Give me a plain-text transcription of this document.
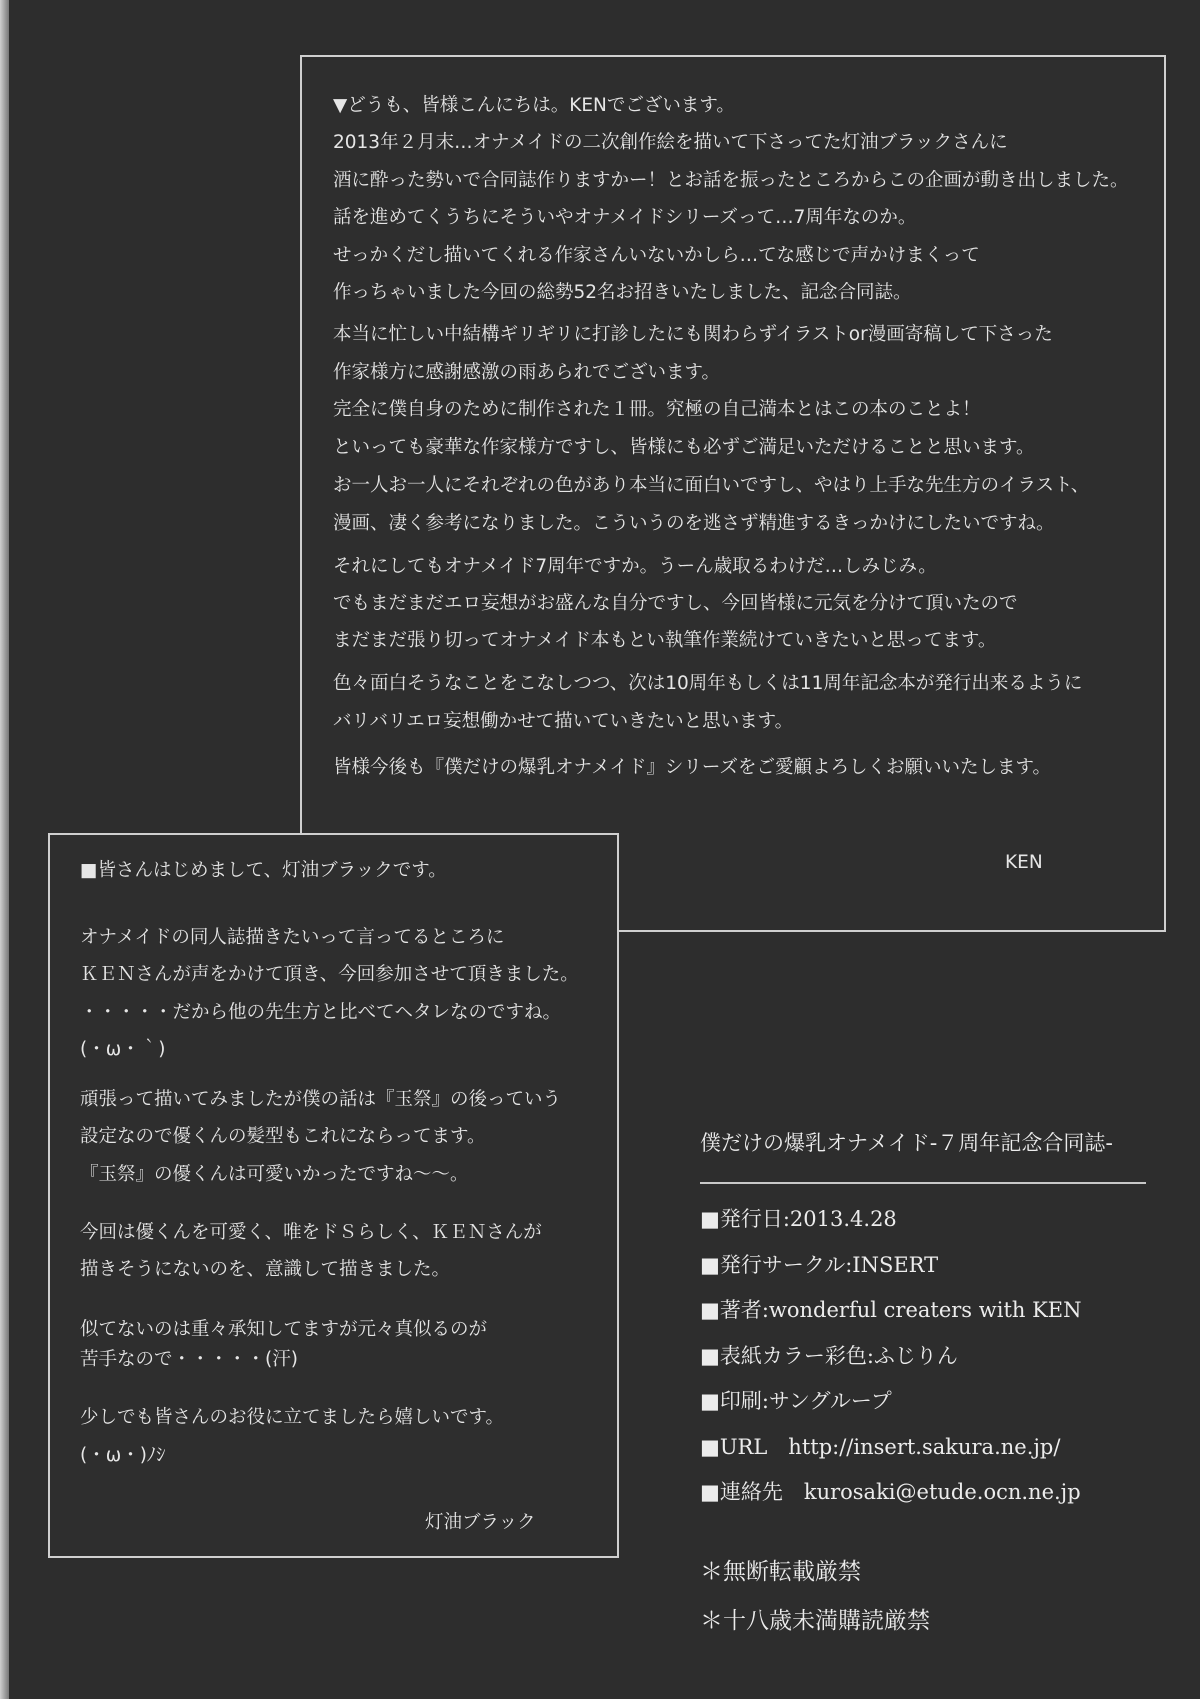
▼どうも、皆様こんにちは。KENでございます。
2013年２月末…オナメイドの二次創作絵を描いて下さってた灯油ブラックさんに
酒に酔った勢いで合同誌作りますかー！とお話を振ったところからこの企画が動き出しました。
話を進めてくうちにそういやオナメイドシリーズって…7周年なのか。
せっかくだし描いてくれる作家さんいないかしら…てな感じで声かけまくって
作っちゃいました今回の総勢52名お招きいたしました、記念合同誌。
本当に忙しい中結構ギリギリに打診したにも関わらずイラストor漫画寄稿して下さった
作家様方に感謝感激の雨あられでございます。
完全に僕自身のために制作された１冊。究極の自己満本とはこの本のことよ！
といっても豪華な作家様方ですし、皆様にも必ずご満足いただけることと思います。
お一人お一人にそれぞれの色があり本当に面白いですし、やはり上手な先生方のイラスト、
漫画、凄く参考になりました。こういうのを逃さず精進するきっかけにしたいですね。
それにしてもオナメイド7周年ですか。うーん歳取るわけだ…しみじみ。
でもまだまだエロ妄想がお盛んな自分ですし、今回皆様に元気を分けて頂いたので
まだまだ張り切ってオナメイド本もとい執筆作業続けていきたいと思ってます。
色々面白そうなことをこなしつつ、次は10周年もしくは11周年記念本が発行出来るように
バリバリエロ妄想働かせて描いていきたいと思います。
皆様今後も『僕だけの爆乳オナメイド』シリーズをご愛顧よろしくお願いいたします。
KEN
■皆さんはじめまして、灯油ブラックです。
オナメイドの同人誌描きたいって言ってるところに
ＫＥＮさんが声をかけて頂き、今回参加させて頂きました。
・・・・・だから他の先生方と比べてヘタレなのですね。
(・ω・｀)
頑張って描いてみましたが僕の話は『玉祭』の後っていう
設定なので優くんの髪型もこれにならってます。
『玉祭』の優くんは可愛いかったですね～～。
今回は優くんを可愛く、唯をドＳらしく、ＫＥＮさんが
描きそうにないのを、意識して描きました。
似てないのは重々承知してますが元々真似るのが
苦手なので・・・・・(汗)
少しでも皆さんのお役に立てましたら嬉しいです。
(・ω・)ﾉｼ
灯油ブラック
僕だけの爆乳オナメイド-７周年記念合同誌-
■発行日:2013.4.28
■発行サークル:INSERT
■著者:wonderful creaters with KEN
■表紙カラー彩色:ふじりん
■印刷:サングループ
■URL　http://insert.sakura.ne.jp/
■連絡先　kurosaki@etude.ocn.ne.jp
＊無断転載厳禁
＊十八歳未満購読厳禁
